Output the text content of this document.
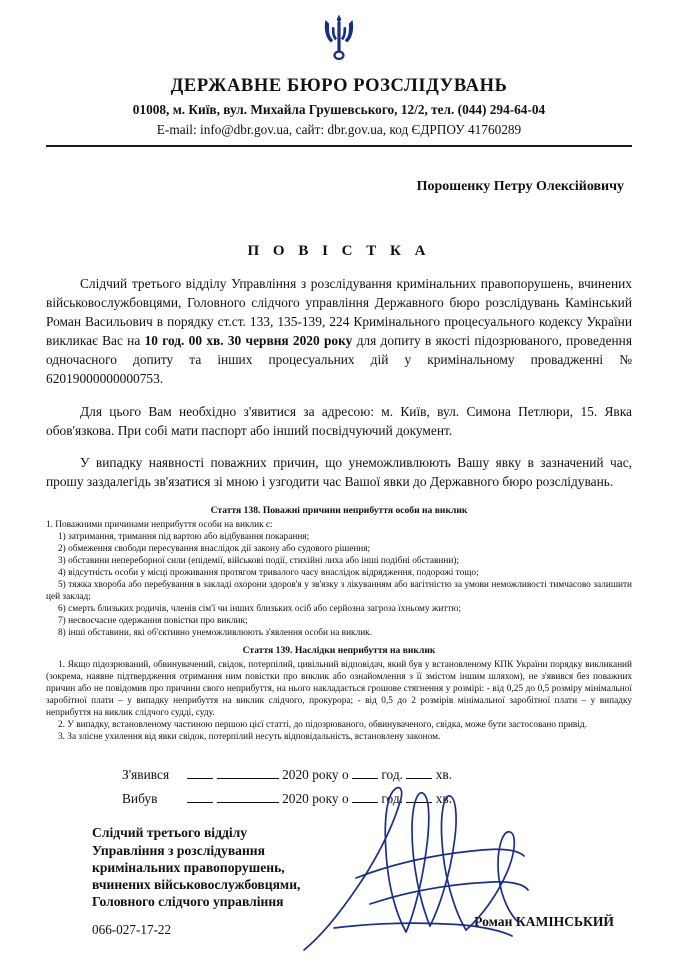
ДЕРЖАВНЕ БЮРО РОЗСЛІДУВАНЬ
01008, м. Київ, вул. Михайла Грушевського, 12/2, тел. (044) 294-64-04
E-mail: info@dbr.gov.ua, сайт: dbr.gov.ua, код ЄДРПОУ 41760289
Порошенку Петру Олексійовичу
П О В І С Т К А

Слідчий третього відділу Управління з розслідування кримінальних правопорушень, вчинених військовослужбовцями, Головного слідчого управління Державного бюро розслідувань Камінський Роман Васильович в порядку ст.ст. 133, 135-139, 224 Кримінального процесуального кодексу України викликає Вас на 10 год. 00 хв. 30 червня 2020 року для допиту в якості підозрюваного, проведення одночасного допиту та інших процесуальних дій у кримінальному провадженні № 62019000000000753.

Для цього Вам необхідно з'явитися за адресою: м. Київ, вул. Симона Петлюри, 15. Явка обов'язкова. При собі мати паспорт або інший посвідчуючий документ.

У випадку наявності поважних причин, що унеможливлюють Вашу явку в зазначений час, прошу заздалегідь зв'язатися зі мною і узгодити час Вашої явки до Державного бюро розслідувань.

Стаття 138. Поважні причини неприбуття особи на виклик

1. Поважними причинами неприбуття особи на виклик є:

1) затримання, тримання під вартою або відбування покарання;

2) обмеження свободи пересування внаслідок дії закону або судового рішення;

3) обставини непереборної сили (епідемії, військові події, стихійні лиха або інші подібні обставини);

4) відсутність особи у місці проживання протягом тривалого часу внаслідок відрядження, подорожі тощо;

5) тяжка хвороба або перебування в закладі охорони здоров'я у зв'язку з лікуванням або вагітністю за умови неможливості тимчасово залишити цей заклад;

6) смерть близьких родичів, членів сім'ї чи інших близьких осіб або серйозна загроза їхньому життю;

7) несвоєчасне одержання повістки про виклик;

8) інші обставини, які об'єктивно унеможливлюють з'явлення особи на виклик.

Стаття 139. Наслідки неприбуття на виклик

1. Якщо підозрюваний, обвинувачений, свідок, потерпілий, цивільний відповідач, який був у встановленому КПК України порядку викликаний (зокрема, наявне підтвердження отримання ним повістки про виклик або ознайомлення з її змістом іншим шляхом), не з'явився без поважних причин або не повідомив про причини свого неприбуття, на нього накладається грошове стягнення у розмірі: - від 0,25 до 0,5 розміру мінімальної заробітної плати – у випадку неприбуття на виклик слідчого, прокурора; - від 0,5 до 2 розмірів мінімальної заробітної плати – у випадку неприбуття на виклик слідчого судді, суду.

2. У випадку, встановленому частиною першою цієї статті, до підозрюваного, обвинуваченого, свідка, може бути застосовано привід.

3. За злісне ухилення від явки свідок, потерпілий несуть відповідальність, встановлену законом.

З'явився	2020 року о год. хв.
Вибув	2020 року о год. хв.
Слідчий третього відділу
Управління з розслідування
кримінальних правопорушень,
вчинених військовослужбовцями,
Головного слідчого управління
Роман КАМІНСЬКИЙ
066-027-17-22
